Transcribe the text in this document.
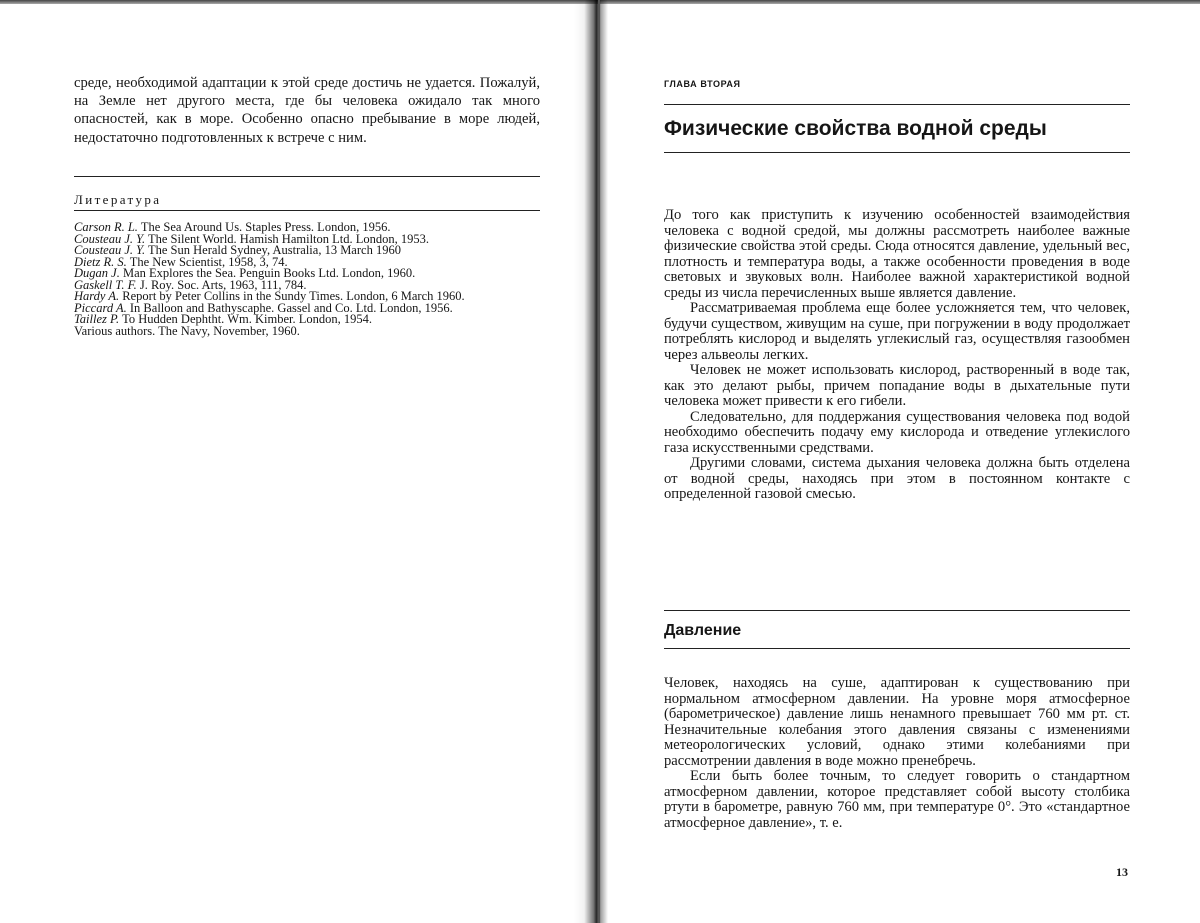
среде, необходимой адаптации к этой среде достичь не удается. Пожалуй, на Земле нет другого места, где бы человека ожидало так много опасностей, как в море. Особенно опасно пребывание в море людей, недостаточно подготовленных к встрече с ним.

Литература

Carson R. L. The Sea Around Us. Staples Press. London, 1956.
Cousteau J. Y. The Silent World. Hamish Hamilton Ltd. London, 1953.
Cousteau J. Y. The Sun Herald Sydney, Australia, 13 March 1960
Dietz R. S. The New Scientist, 1958, 3, 74.
Dugan J. Man Explores the Sea. Penguin Books Ltd. London, 1960.
Gaskell T. F. J. Roy. Soc. Arts, 1963, 111, 784.
Hardy A. Report by Peter Collins in the Sundy Times. London, 6 March 1960.
Piccard A. In Balloon and Bathyscaphe. Gassel and Co. Ltd. London, 1956.
Taillez P. To Hudden Dephtht. Wm. Kimber. London, 1954.
Various authors. The Navy, November, 1960.

ГЛАВА ВТОРАЯ

Физические свойства водной среды

До того как приступить к изучению особенностей взаимодействия человека с водной средой, мы должны рассмотреть наиболее важные физические свойства этой среды. Сюда относятся давление, удельный вес, плотность и температура воды, а также особенности проведения в воде световых и звуковых волн. Наиболее важной характеристикой водной среды из числа перечисленных выше является давление.

Рассматриваемая проблема еще более усложняется тем, что человек, будучи существом, живущим на суше, при погружении в воду продолжает потреблять кислород и выделять углекислый газ, осуществляя газообмен через альвеолы легких.

Человек не может использовать кислород, растворенный в воде так, как это делают рыбы, причем попадание воды в дыхательные пути человека может привести к его гибели.

Следовательно, для поддержания существования человека под водой необходимо обеспечить подачу ему кислорода и отведение углекислого газа искусственными средствами.

Другими словами, система дыхания человека должна быть отделена от водной среды, находясь при этом в постоянном контакте с определенной газовой смесью.

Давление

Человек, находясь на суше, адаптирован к существованию при нормальном атмосферном давлении. На уровне моря атмосферное (барометрическое) давление лишь ненамного превышает 760 мм рт. ст. Незначительные колебания этого давления связаны с изменениями метеорологических условий, однако этими колебаниями при рассмотрении давления в воде можно пренебречь.

Если быть более точным, то следует говорить о стандартном атмосферном давлении, которое представляет собой высоту столбика ртути в барометре, равную 760 мм, при температуре 0°. Это «стандартное атмосферное давление», т. е.

13
